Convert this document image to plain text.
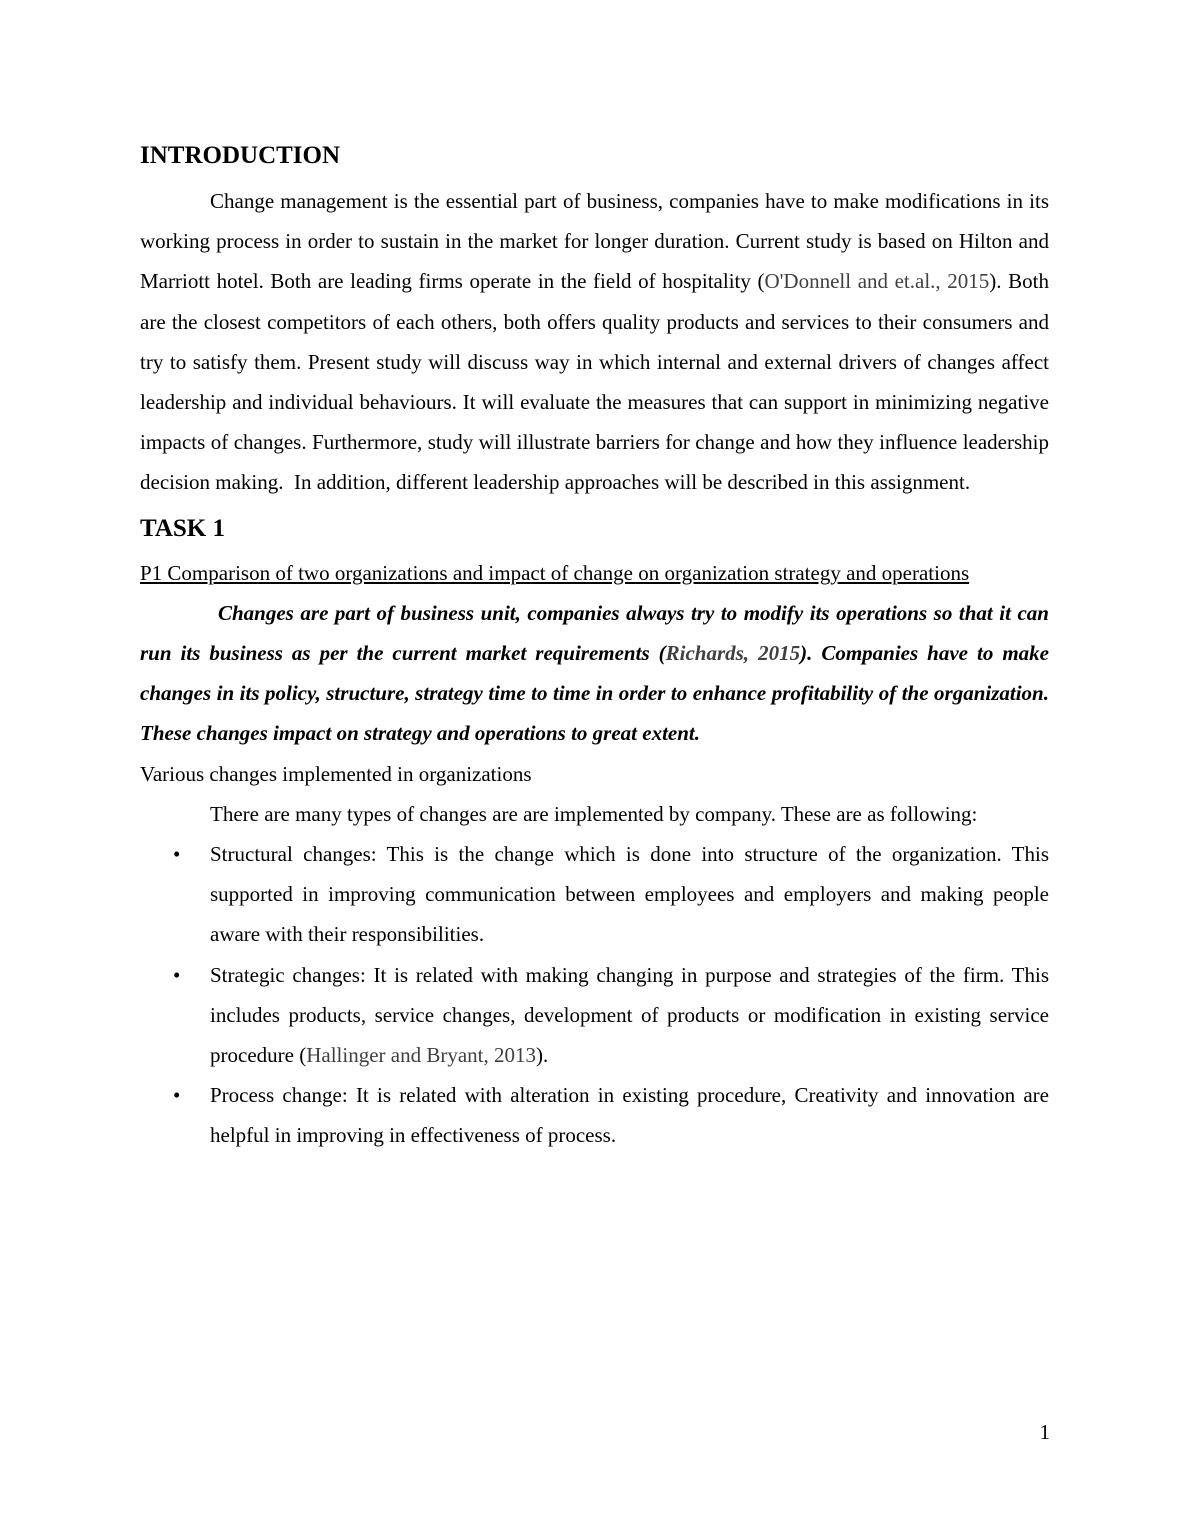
INTRODUCTION

Change management is the essential part of business, companies have to make modifications in its working process in order to sustain in the market for longer duration. Current study is based on Hilton and Marriott hotel. Both are leading firms operate in the field of hospitality (O'Donnell and et.al., 2015). Both are the closest competitors of each others, both offers quality products and services to their consumers and try to satisfy them. Present study will discuss way in which internal and external drivers of changes affect leadership and individual behaviours. It will evaluate the measures that can support in minimizing negative impacts of changes. Furthermore, study will illustrate barriers for change and how they influence leadership decision making.  In addition, different leadership approaches will be described in this assignment.

TASK 1

P1 Comparison of two organizations and impact of change on organization strategy and operations

Changes are part of business unit, companies always try to modify its operations so that it can run its business as per the current market requirements (Richards, 2015). Companies have to make changes in its policy, structure, strategy time to time in order to enhance profitability of the organization. These changes impact on strategy and operations to great extent.

Various changes implemented in organizations

There are many types of changes are are implemented by company. These are as following:

• Structural changes: This is the change which is done into structure of the organization. This supported in improving communication between employees and employers and making people aware with their responsibilities.
• Strategic changes: It is related with making changing in purpose and strategies of the firm. This includes products, service changes, development of products or modification in existing service procedure (Hallinger and Bryant, 2013).
• Process change: It is related with alteration in existing procedure, Creativity and innovation are helpful in improving in effectiveness of process.
1
